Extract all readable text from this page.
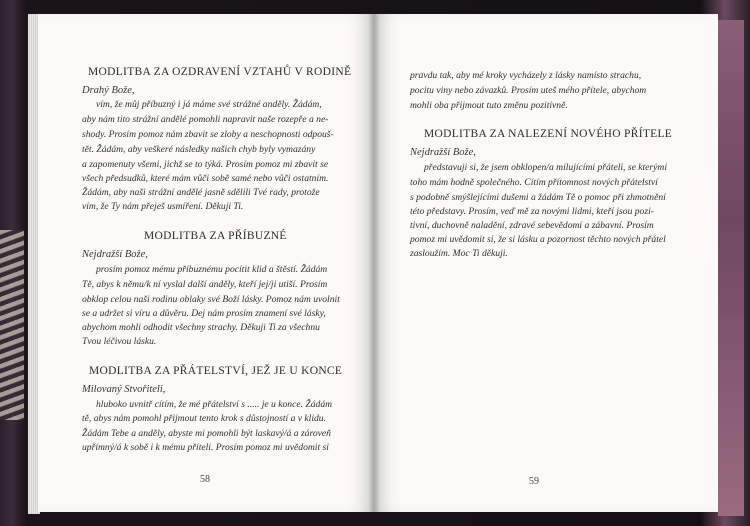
MODLITBA ZA OZDRAVENÍ VZTAHŮ V RODINĚ

Drahý Bože,

vím, že můj příbuzný i já máme své strážné anděly. Žádám,

aby nám tito strážní andělé pomohli napravit naše rozepře a ne-

shody. Prosím pomoz nám zbavit se zloby a neschopnosti odpouš-

tět. Žádám, aby veškeré následky našich chyb byly vymazány

a zapomenuty všemi, jichž se to týká. Prosím pomoz mi zbavit se

všech předsudků, které mám vůči sobě samé nebo vůči ostatním.

Žádám, aby naši strážní andělé jasně sdělili Tvé rady, protože

vím, že Ty nám přeješ usmíření. Děkuji Ti.

MODLITBA ZA PŘÍBUZNÉ

Nejdražší Bože,

prosím pomoz mému příbuznému pocítit klid a štěstí. Žádám

Tě, abys k němu/k ní vyslal další anděly, kteří jej/ji utiší. Prosím

obklop celou naši rodinu oblaky své Boží lásky. Pomoz nám uvolnit

se a udržet si víru a důvěru. Dej nám prosím znamení své lásky,

abychom mohli odhodit všechny strachy. Děkuji Ti za všechnu

Tvou léčivou lásku.

MODLITBA ZA PŘÁTELSTVÍ, JEŽ JE U KONCE

Milovaný Stvořiteli,

hluboko uvnitř cítím, že mé přátelství s ..... je u konce. Žádám

tě, abys nám pomohl přijmout tento krok s důstojností a v klidu.

Žádám Tebe a anděly, abyste mi pomohli být laskavý/á a zároveň

upřímný/á k sobě i k mému příteli. Prosím pomoz mi uvědomit si

58

pravdu tak, aby mé kroky vycházely z lásky namísto strachu,

pocitu viny nebo závazků. Prosím uteš mého přítele, abychom

mohli oba přijmout tuto změnu pozitivně.

MODLITBA ZA NALEZENÍ NOVÉHO PŘÍTELE

Nejdražší Bože,

představuji si, že jsem obklopen/a milujícími přáteli, se kterými

toho mám hodně společného. Cítím přítomnost nových přátelství

s podobně smýšlejícími dušemi a žádám Tě o pomoc při zhmotnění

této představy. Prosím, veď mě za novými lidmi, kteří jsou pozi-

tivní, duchovně naladění, zdravé sebevědomí a zábavní. Prosím

pomoz mi uvědomit si, že si lásku a pozornost těchto nových přátel

zasloužím. Moc Ti děkuji.

59
